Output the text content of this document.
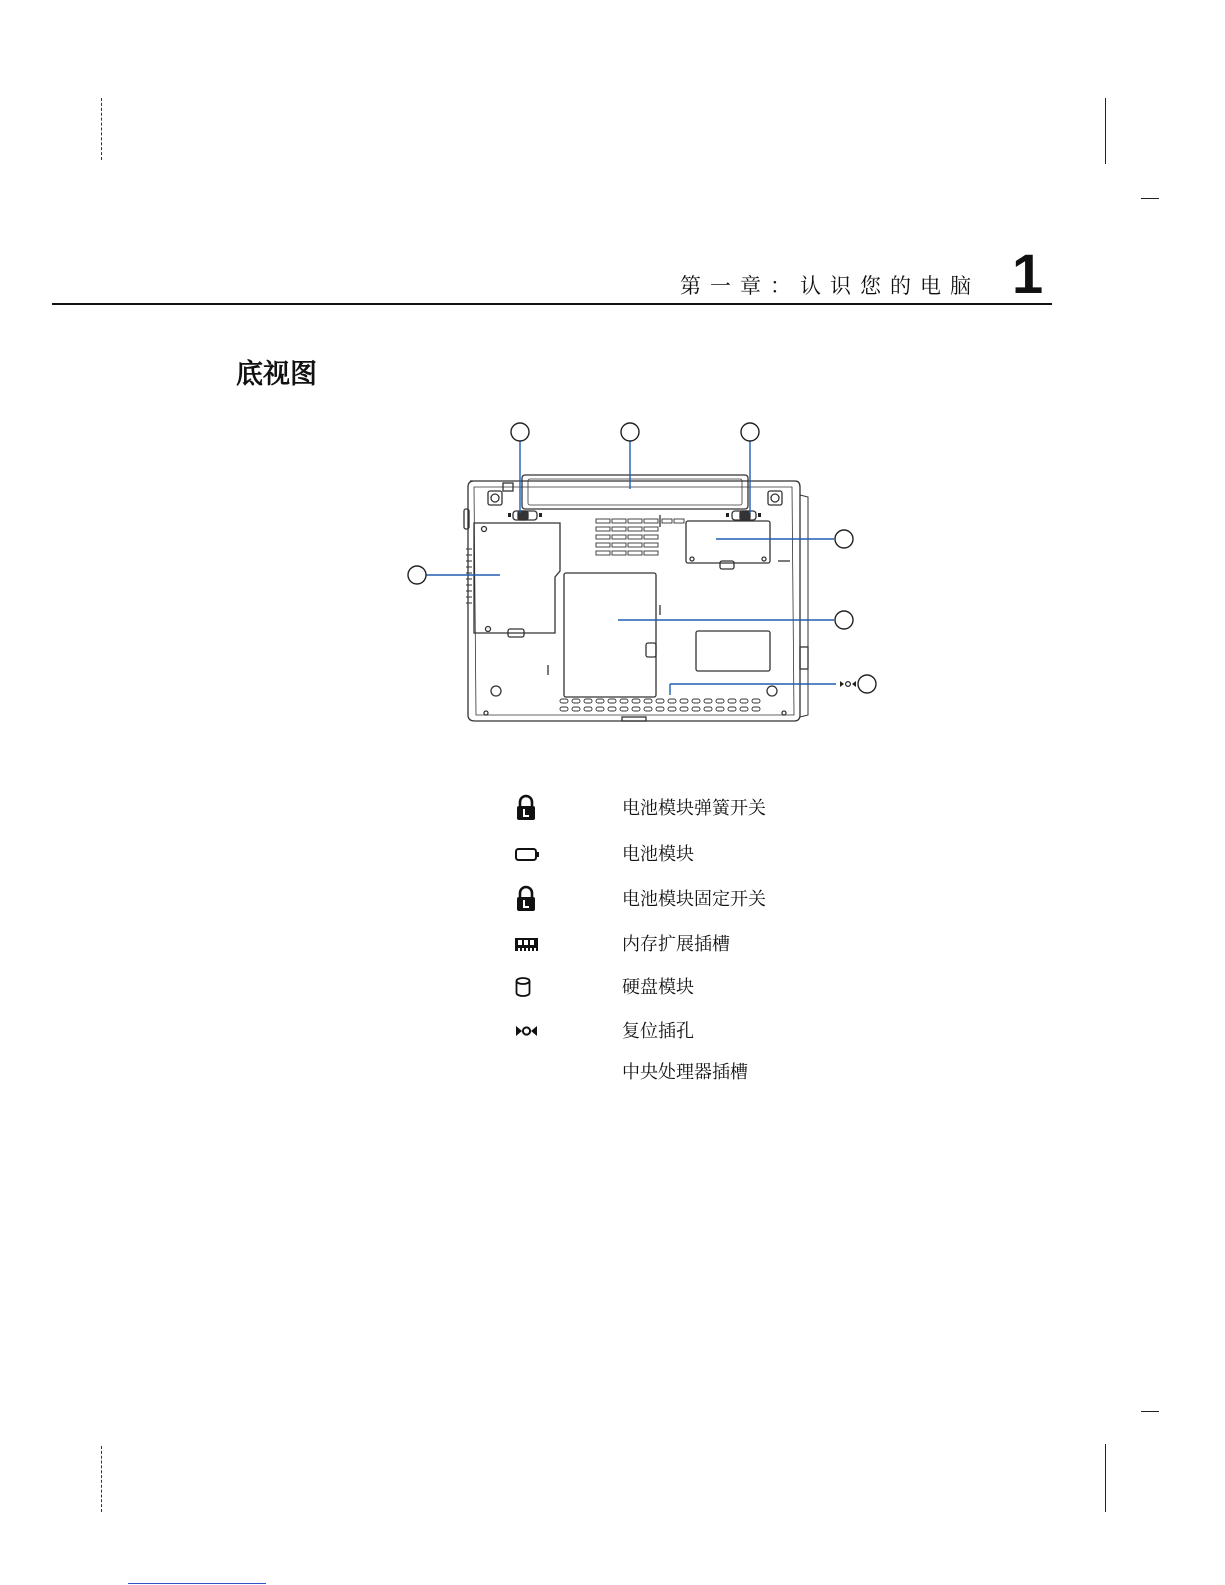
第一章：认识您的电脑 1
底视图
电池模块弹簧开关
电池模块
电池模块固定开关
内存扩展插槽
硬盘模块
复位插孔
中央处理器插槽
